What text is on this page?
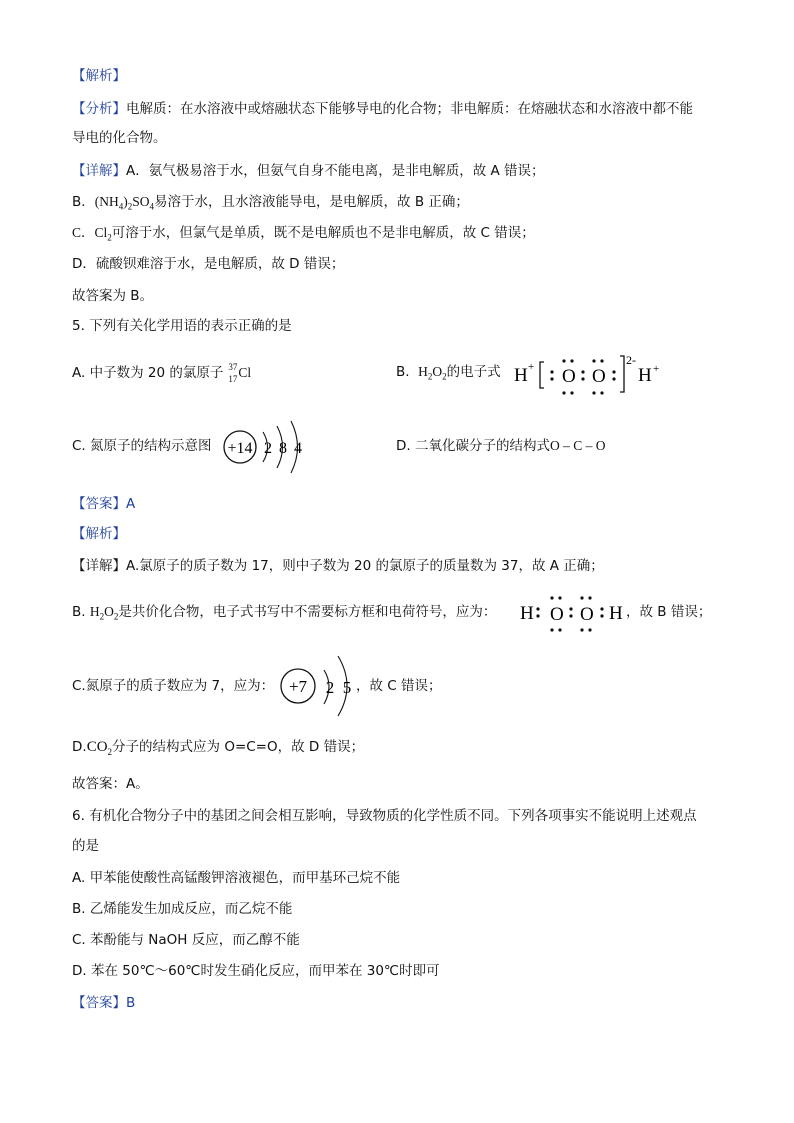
【解析】
【分析】电解质：在水溶液中或熔融状态下能够导电的化合物；非电解质：在熔融状态和水溶液中都不能
导电的化合物。
【详解】A．氨气极易溶于水，但氨气自身不能电离，是非电解质，故 A 错误；
B．$(NH_4)_2SO_4$易溶于水，且水溶液能导电，是电解质，故 B 正确；
C．$Cl_2$可溶于水，但氯气是单质，既不是电解质也不是非电解质，故 C 错误；
D．硫酸钡难溶于水，是电解质，故 D 错误；
故答案为 B。
5. 下列有关化学用语的表示正确的是
A. 中子数为 20 的氯原子 37
17 Cl	B. $H_2O_2$的电子式 H + O O
2-
H +
C. 氮原子的结构示意图 +14 2 8 4	D. 二氧化碳分子的结构式O – C – O
【答案】A
【解析】
【详解】A.氯原子的质子数为 17，则中子数为 20 的氯原子的质量数为 37，故 A 正确；
B. $H_2O_2$是共价化合物，电子式书写中不需要标方框和电荷符号，应为： H O O H ，故 B 错误；
C.氮原子的质子数应为 7，应为： +7 2 5 ，故 C 错误；
$D.CO_2$分子的结构式应为 O=C=O，故 D 错误；
故答案：A。
6. 有机化合物分子中的基团之间会相互影响，导致物质的化学性质不同。下列各项事实不能说明上述观点
的是
A. 甲苯能使酸性高锰酸钾溶液褪色，而甲基环己烷不能
B. 乙烯能发生加成反应，而乙烷不能
C. 苯酚能与 NaOH 反应，而乙醇不能
D. 苯在 50℃～60℃时发生硝化反应，而甲苯在 30℃时即可
【答案】B
